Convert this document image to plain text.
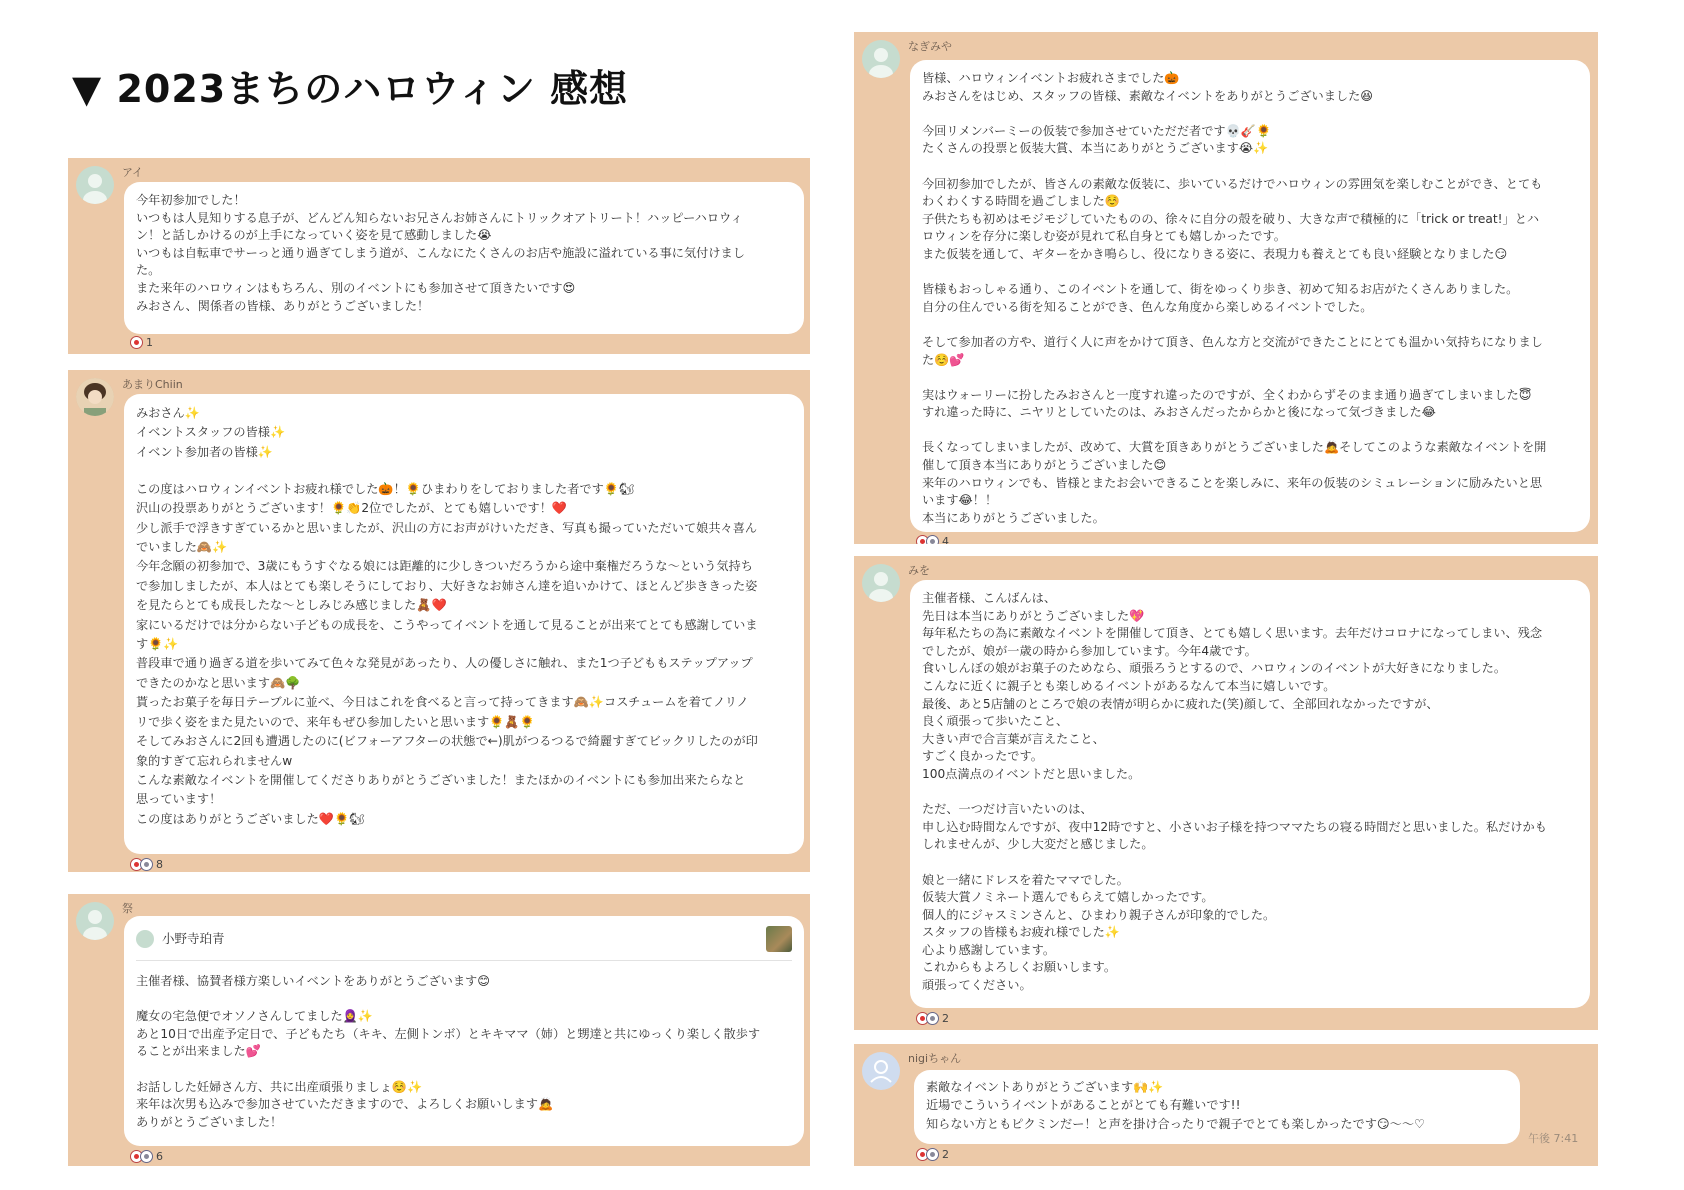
▼ 2023まちのハロウィン 感想
アイ
今年初参加でした！
いつもは人見知りする息子が、どんどん知らないお兄さんお姉さんにトリックオアトリート！ハッピーハロウィ
ン！と話しかけるのが上手になっていく姿を見て感動しました😭
いつもは自転車でサーっと通り過ぎてしまう道が、こんなにたくさんのお店や施設に溢れている事に気付けまし
た。
また来年のハロウィンはもちろん、別のイベントにも参加させて頂きたいです😍
みおさん、関係者の皆様、ありがとうございました！
1
あまりChiin
みおさん✨
イベントスタッフの皆様✨
イベント参加者の皆様✨
この度はハロウィンイベントお疲れ様でした🎃！🌻ひまわりをしておりました者です🌻🐿
沢山の投票ありがとうございます！🌻👏2位でしたが、とても嬉しいです！❤️
少し派手で浮きすぎているかと思いましたが、沢山の方にお声がけいただき、写真も撮っていただいて娘共々喜ん
でいました🙈✨
今年念願の初参加で、3歳にもうすぐなる娘には距離的に少しきついだろうから途中棄権だろうな〜という気持ち
で参加しましたが、本人はとても楽しそうにしており、大好きなお姉さん達を追いかけて、ほとんど歩ききった姿
を見たらとても成長したな〜としみじみ感じました🧸❤️
家にいるだけでは分からない子どもの成長を、こうやってイベントを通して見ることが出来てとても感謝していま
す🌻✨
普段車で通り過ぎる道を歩いてみて色々な発見があったり、人の優しさに触れ、また1つ子どももステップアップ
できたのかなと思います🙈🌳
貰ったお菓子を毎日テーブルに並べ、今日はこれを食べると言って持ってきます🙈✨コスチュームを着てノリノ
リで歩く姿をまた見たいので、来年もぜひ参加したいと思います🌻🧸🌻
そしてみおさんに2回も遭遇したのに(ビフォーアフターの状態で←)肌がつるつるで綺麗すぎてビックリしたのが印
象的すぎて忘れられませんw
こんな素敵なイベントを開催してくださりありがとうございました！またほかのイベントにも参加出来たらなと
思っています！
この度はありがとうございました❤️🌻🐿
8
祭
小野寺珀青
主催者様、協賛者様方楽しいイベントをありがとうございます😊
魔女の宅急便でオソノさんしてました🧕✨
あと10日で出産予定日で、子どもたち（キキ、左側トンボ）とキキママ（姉）と甥達と共にゆっくり楽しく散歩す
ることが出来ました💕
お話しした妊婦さん方、共に出産頑張りましょ☺️✨
来年は次男も込みで参加させていただきますので、よろしくお願いします🙇
ありがとうございました！
6
なぎみや
皆様、ハロウィンイベントお疲れさまでした🎃
みおさんをはじめ、スタッフの皆様、素敵なイベントをありがとうございました😆
今回リメンバーミーの仮装で参加させていただだ者です💀🎸🌻
たくさんの投票と仮装大賞、本当にありがとうございます😭✨
今回初参加でしたが、皆さんの素敵な仮装に、歩いているだけでハロウィンの雰囲気を楽しむことができ、とても
わくわくする時間を過ごしました☺️
子供たちも初めはモジモジしていたものの、徐々に自分の殻を破り、大きな声で積極的に「trick or treat!」とハ
ロウィンを存分に楽しむ姿が見れて私自身とても嬉しかったです。
また仮装を通して、ギターをかき鳴らし、役になりきる姿に、表現力も養えとても良い経験となりました😏
皆様もおっしゃる通り、このイベントを通して、街をゆっくり歩き、初めて知るお店がたくさんありました。
自分の住んでいる街を知ることができ、色んな角度から楽しめるイベントでした。
そして参加者の方や、道行く人に声をかけて頂き、色んな方と交流ができたことにとても温かい気持ちになりまし
た☺️💕
実はウォーリーに扮したみおさんと一度すれ違ったのですが、全くわからずそのまま通り過ぎてしまいました😇
すれ違った時に、ニヤリとしていたのは、みおさんだったからかと後になって気づきました😂
長くなってしまいましたが、改めて、大賞を頂きありがとうございました🙇そしてこのような素敵なイベントを開
催して頂き本当にありがとうございました😊
来年のハロウィンでも、皆様とまたお会いできることを楽しみに、来年の仮装のシミュレーションに励みたいと思
います😂！！
本当にありがとうございました。
4
みを
主催者様、こんばんは、
先日は本当にありがとうございました💖
毎年私たちの為に素敵なイベントを開催して頂き、とても嬉しく思います。去年だけコロナになってしまい、残念
でしたが、娘が一歳の時から参加しています。今年4歳です。
食いしんぼの娘がお菓子のためなら、頑張ろうとするので、ハロウィンのイベントが大好きになりました。
こんなに近くに親子とも楽しめるイベントがあるなんて本当に嬉しいです。
最後、あと5店舗のところで娘の表情が明らかに疲れた(笑)顔して、全部回れなかったですが、
良く頑張って歩いたこと、
大きい声で合言葉が言えたこと、
すごく良かったです。
100点満点のイベントだと思いました。
ただ、一つだけ言いたいのは、
申し込む時間なんですが、夜中12時ですと、小さいお子様を持つママたちの寝る時間だと思いました。私だけかも
しれませんが、少し大変だと感じました。
娘と一緒にドレスを着たママでした。
仮装大賞ノミネート選んでもらえて嬉しかったです。
個人的にジャスミンさんと、ひまわり親子さんが印象的でした。
スタッフの皆様もお疲れ様でした✨
心より感謝しています。
これからもよろしくお願いします。
頑張ってください。
2
nigiちゃん
素敵なイベントありがとうございます🙌✨
近場でこういうイベントがあることがとても有難いです!!
知らない方ともピクミンだー！と声を掛け合ったりで親子でとても楽しかったです😏〜〜♡
午後 7:41
2
